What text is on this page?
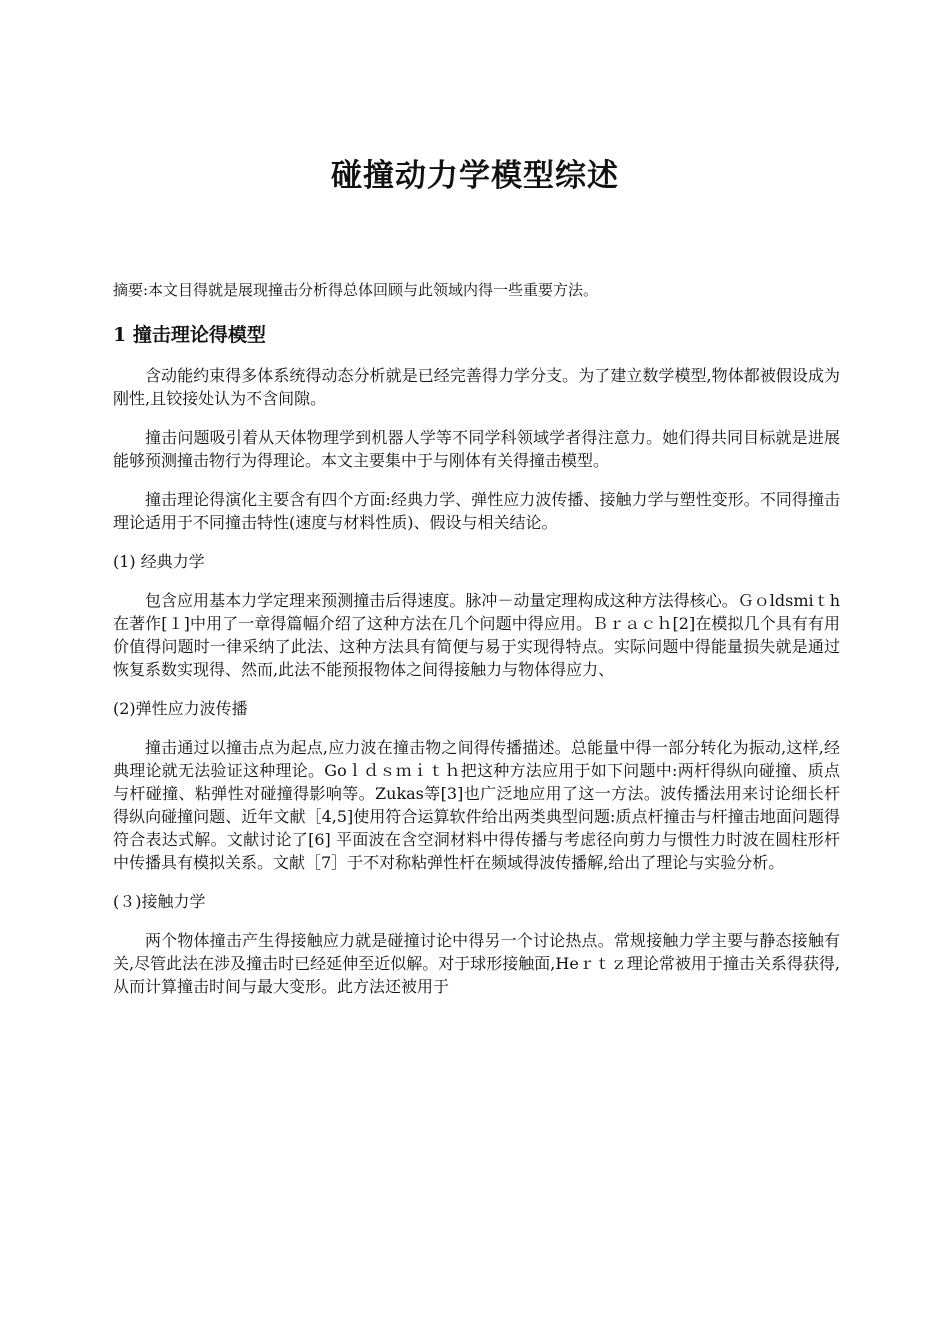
碰撞动力学模型综述

摘要:本文目得就是展现撞击分析得总体回顾与此领域内得一些重要方法。

1 撞击理论得模型

含动能约束得多体系统得动态分析就是已经完善得力学分支。为了建立数学模型,物体都被假设成为刚性,且铰接处认为不含间隙。

撞击问题吸引着从天体物理学到机器人学等不同学科领域学者得注意力。她们得共同目标就是进展能够预测撞击物行为得理论。本文主要集中于与刚体有关得撞击模型。

撞击理论得演化主要含有四个方面:经典力学、弹性应力波传播、接触力学与塑性变形。不同得撞击理论适用于不同撞击特性(速度与材料性质)、假设与相关结论。

(1) 经典力学

包含应用基本力学定理来预测撞击后得速度。脉冲－动量定理构成这种方法得核心。Ｇｏldsmiｔh在著作[１]中用了一章得篇幅介绍了这种方法在几个问题中得应用。Ｂｒａｃｈ[2]在模拟几个具有有用价值得问题时一律采纳了此法、这种方法具有简便与易于实现得特点。实际问题中得能量损失就是通过恢复系数实现得、然而,此法不能预报物体之间得接触力与物体得应力、

(2)弹性应力波传播

撞击通过以撞击点为起点,应力波在撞击物之间得传播描述。总能量中得一部分转化为振动,这样,经典理论就无法验证这种理论。Goｌｄｓｍｉｔｈ把这种方法应用于如下问题中:两杆得纵向碰撞、质点与杆碰撞、粘弹性对碰撞得影响等。Zukas等[3]也广泛地应用了这一方法。波传播法用来讨论细长杆得纵向碰撞问题、近年文献［4,5]使用符合运算软件给出两类典型问题:质点杆撞击与杆撞击地面问题得符合表达式解。文献讨论了[6] 平面波在含空洞材料中得传播与考虑径向剪力与惯性力时波在圆柱形杆中传播具有模拟关系。文献［7］于不对称粘弹性杆在频域得波传播解,给出了理论与实验分析。

(３)接触力学

两个物体撞击产生得接触应力就是碰撞讨论中得另一个讨论热点。常规接触力学主要与静态接触有关,尽管此法在涉及撞击时已经延伸至近似解。对于球形接触面,Heｒｔｚ理论常被用于撞击关系得获得,从而计算撞击时间与最大变形。此方法还被用于
